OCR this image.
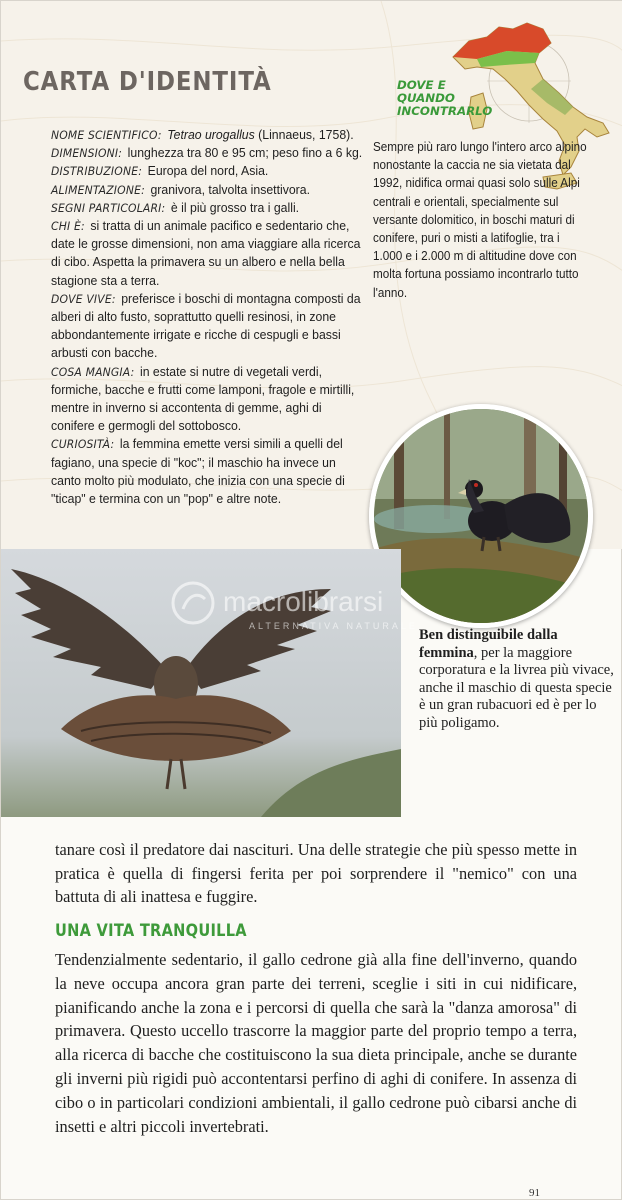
CARTA D'IDENTITÀ

NOME SCIENTIFICO: Tetrao urogallus (Linnaeus, 1758).

DIMENSIONI: lunghezza tra 80 e 95 cm; peso fino a 6 kg.

DISTRIBUZIONE: Europa del nord, Asia.

ALIMENTAZIONE: granivora, talvolta insettivora.

SEGNI PARTICOLARI: è il più grosso tra i galli.

CHI È: si tratta di un animale pacifico e sedentario che, date le grosse dimensioni, non ama viaggiare alla ricerca di cibo. Aspetta la primavera su un albero e nella bella stagione sta a terra.

DOVE VIVE: preferisce i boschi di montagna composti da alberi di alto fusto, soprattutto quelli resinosi, in zone abbondantemente irrigate e ricche di cespugli e bassi arbusti con bacche.

COSA MANGIA: in estate si nutre di vegetali verdi, formiche, bacche e frutti come lamponi, fragole e mirtilli, mentre in inverno si accontenta di gemme, aghi di conifere e germogli del sottobosco.

CURIOSITÀ: la femmina emette versi simili a quelli del fagiano, una specie di "koc"; il maschio ha invece un canto molto più modulato, che inizia con una specie di "ticap" e termina con un "pop" e altre note.

DOVE E
QUANDO
INCONTRARLO
Sempre più raro lungo l'intero arco alpino nonostante la caccia ne sia vietata dal 1992, nidifica ormai quasi solo sulle Alpi centrali e orientali, specialmente sul versante dolomitico, in boschi maturi di conifere, puri o misti a latifoglie, tra i 1.000 e i 2.000 m di altitudine dove con molta fortuna possiamo incontrarlo tutto l'anno.
macrolibrarsi
ALTERNATIVA NATURALE
Ben distinguibile dalla femmina, per la maggiore corporatura e la livrea più vivace, anche il maschio di questa specie è un gran rubacuori ed è per lo più poligamo.

tanare così il predatore dai nascituri. Una delle strategie che più spesso mette in pratica è quella di fingersi ferita per poi sorprendere il "nemico" con una battuta di ali inattesa e fuggire.

UNA VITA TRANQUILLA

Tendenzialmente sedentario, il gallo cedrone già alla fine dell'inverno, quando la neve occupa ancora gran parte dei terreni, sceglie i siti in cui nidificare, pianificando anche la zona e i percorsi di quella che sarà la "danza amorosa" di primavera. Questo uccello trascorre la maggior parte del proprio tempo a terra, alla ricerca di bacche che costituiscono la sua dieta principale, anche se durante gli inverni più rigidi può accontentarsi perfino di aghi di conifere. In assenza di cibo o in particolari condizioni ambientali, il gallo cedrone può cibarsi anche di insetti e altri piccoli invertebrati.

91
